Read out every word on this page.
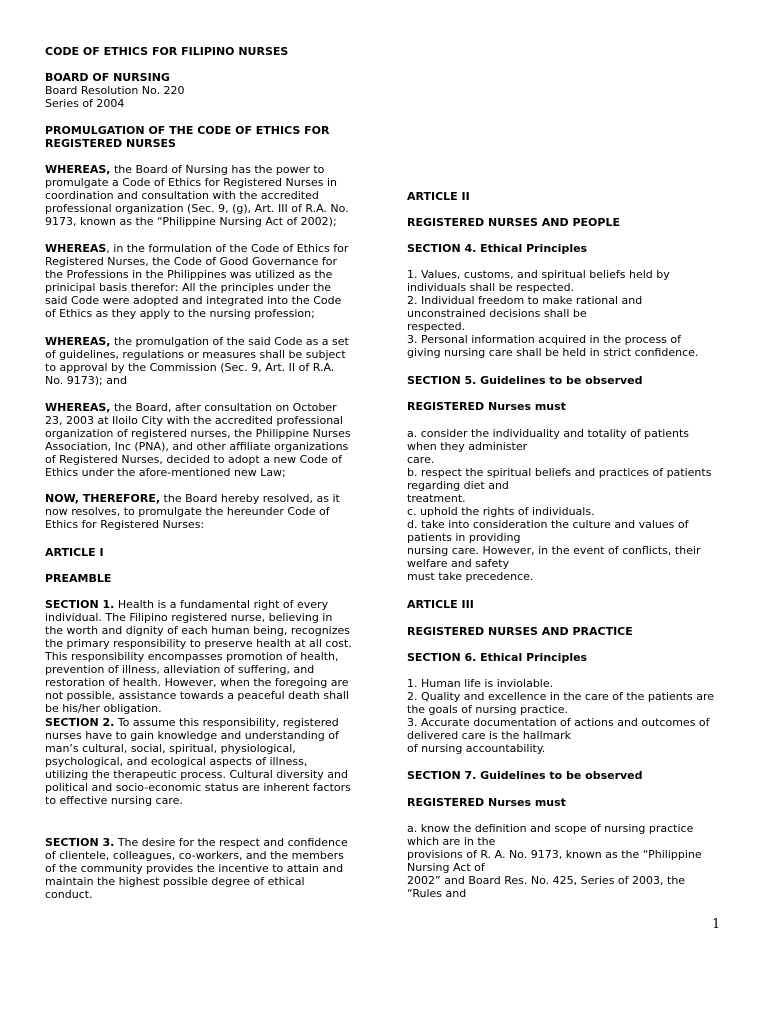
CODE OF ETHICS FOR FILIPINO NURSES

BOARD OF NURSING

Board Resolution No. 220

Series of 2004

PROMULGATION OF THE CODE OF ETHICS FOR
REGISTERED NURSES

WHEREAS, the Board of Nursing has the power to
promulgate a Code of Ethics for Registered Nurses in
coordination and consultation with the accredited
professional organization (Sec. 9, (g), Art. III of R.A. No.
9173, known as the “Philippine Nursing Act of 2002);

WHEREAS, in the formulation of the Code of Ethics for
Registered Nurses, the Code of Good Governance for
the Professions in the Philippines was utilized as the
prinicipal basis therefor: All the principles under the
said Code were adopted and integrated into the Code
of Ethics as they apply to the nursing profession;

WHEREAS, the promulgation of the said Code as a set
of guidelines, regulations or measures shall be subject
to approval by the Commission (Sec. 9, Art. II of R.A.
No. 9173); and

WHEREAS, the Board, after consultation on October
23, 2003 at Iloilo City with the accredited professional
organization of registered nurses, the Philippine Nurses
Association, Inc (PNA), and other affiliate organizations
of Registered Nurses, decided to adopt a new Code of
Ethics under the afore-mentioned new Law;

NOW, THEREFORE, the Board hereby resolved, as it
now resolves, to promulgate the hereunder Code of
Ethics for Registered Nurses:

ARTICLE I

PREAMBLE

SECTION 1. Health is a fundamental right of every
individual. The Filipino registered nurse, believing in
the worth and dignity of each human being, recognizes
the primary responsibility to preserve health at all cost.
This responsibility encompasses promotion of health,
prevention of illness, alleviation of suffering, and
restoration of health. However, when the foregoing are
not possible, assistance towards a peaceful death shall
be his/her obligation.

SECTION 2. To assume this responsibility, registered
nurses have to gain knowledge and understanding of
man’s cultural, social, spiritual, physiological,
psychological, and ecological aspects of illness,
utilizing the therapeutic process. Cultural diversity and
political and socio-economic status are inherent factors
to effective nursing care.

SECTION 3. The desire for the respect and confidence
of clientele, colleagues, co-workers, and the members
of the community provides the incentive to attain and
maintain the highest possible degree of ethical
conduct.

ARTICLE II

REGISTERED NURSES AND PEOPLE

SECTION 4. Ethical Principles

1. Values, customs, and spiritual beliefs held by
individuals shall be respected.
2. Individual freedom to make rational and
unconstrained decisions shall be
respected.
3. Personal information acquired in the process of
giving nursing care shall be held in strict confidence.

SECTION 5. Guidelines to be observed

REGISTERED Nurses must

a. consider the individuality and totality of patients
when they administer
care.
b. respect the spiritual beliefs and practices of patients
regarding diet and
treatment.
c. uphold the rights of individuals.
d. take into consideration the culture and values of
patients in providing
nursing care. However, in the event of conflicts, their
welfare and safety
must take precedence.

ARTICLE III

REGISTERED NURSES AND PRACTICE

SECTION 6. Ethical Principles

1. Human life is inviolable.
2. Quality and excellence in the care of the patients are
the goals of nursing practice.
3. Accurate documentation of actions and outcomes of
delivered care is the hallmark
of nursing accountability.

SECTION 7. Guidelines to be observed

REGISTERED Nurses must

a. know the definition and scope of nursing practice
which are in the
provisions of R. A. No. 9173, known as the “Philippine
Nursing Act of
2002” and Board Res. No. 425, Series of 2003, the
“Rules and

1
